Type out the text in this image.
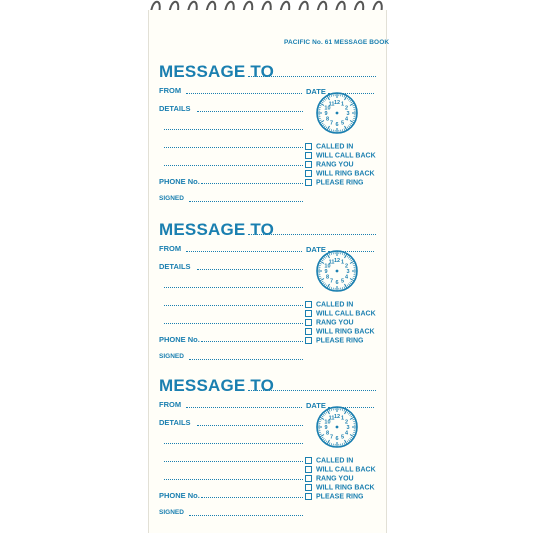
PACIFIC No. 61 MESSAGE BOOK
MESSAGE TO
FROM	DATE
DETAILS
PHONE No.
SIGNED
12 1
2
3
4
5
6
7
8
9
10
11
CALLED IN
WILL CALL BACK
RANG YOU
WILL RING BACK
PLEASE RING
MESSAGE TO
FROM	DATE
DETAILS
PHONE No.
SIGNED
12 1
2
3
4
5
6
7
8
9
10
11
CALLED IN
WILL CALL BACK
RANG YOU
WILL RING BACK
PLEASE RING
MESSAGE TO
FROM	DATE
DETAILS
PHONE No.
SIGNED
12 1
2
3
4
5
6
7
8
9
10
11
CALLED IN
WILL CALL BACK
RANG YOU
WILL RING BACK
PLEASE RING
